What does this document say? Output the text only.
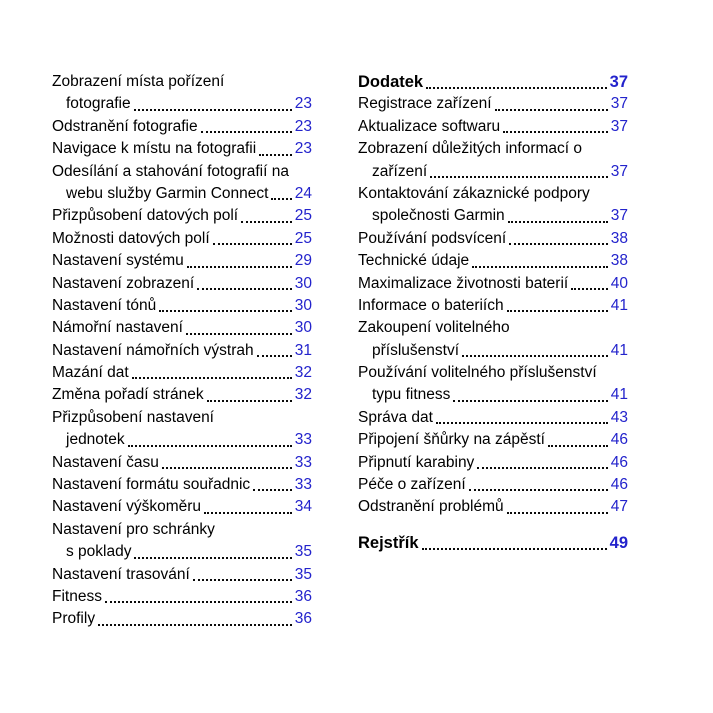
Zobrazení místa pořízení
fotografie	23
Odstranění fotografie	23
Navigace k místu na fotografii 23
Odesílání a stahování fotografií na
webu služby Garmin Connect 24
Přizpůsobení datových polí	25
Možnosti datových polí	25
Nastavení systému	29
Nastavení zobrazení	30
Nastavení tónů	30
Námořní nastavení	30
Nastavení námořních výstrah	31
Mazání dat	32
Změna pořadí stránek	32
Přizpůsobení nastavení
jednotek	33
Nastavení času	33
Nastavení formátu souřadnic	33
Nastavení výškoměru	34
Nastavení pro schránky
s poklady	35
Nastavení trasování	35
Fitness	36
Profily	36
Dodatek	37
Registrace zařízení	37
Aktualizace softwaru	37
Zobrazení důležitých informací o
zařízení	37
Kontaktování zákaznické podpory
společnosti Garmin	37
Používání podsvícení	38
Technické údaje	38
Maximalizace životnosti baterií	40
Informace o bateriích	41
Zakoupení volitelného
příslušenství	41
Používání volitelného příslušenství
typu fitness	41
Správa dat	43
Připojení šňůrky na zápěstí	46
Připnutí karabiny	46
Péče o zařízení	46
Odstranění problémů	47
Rejstřík	49
